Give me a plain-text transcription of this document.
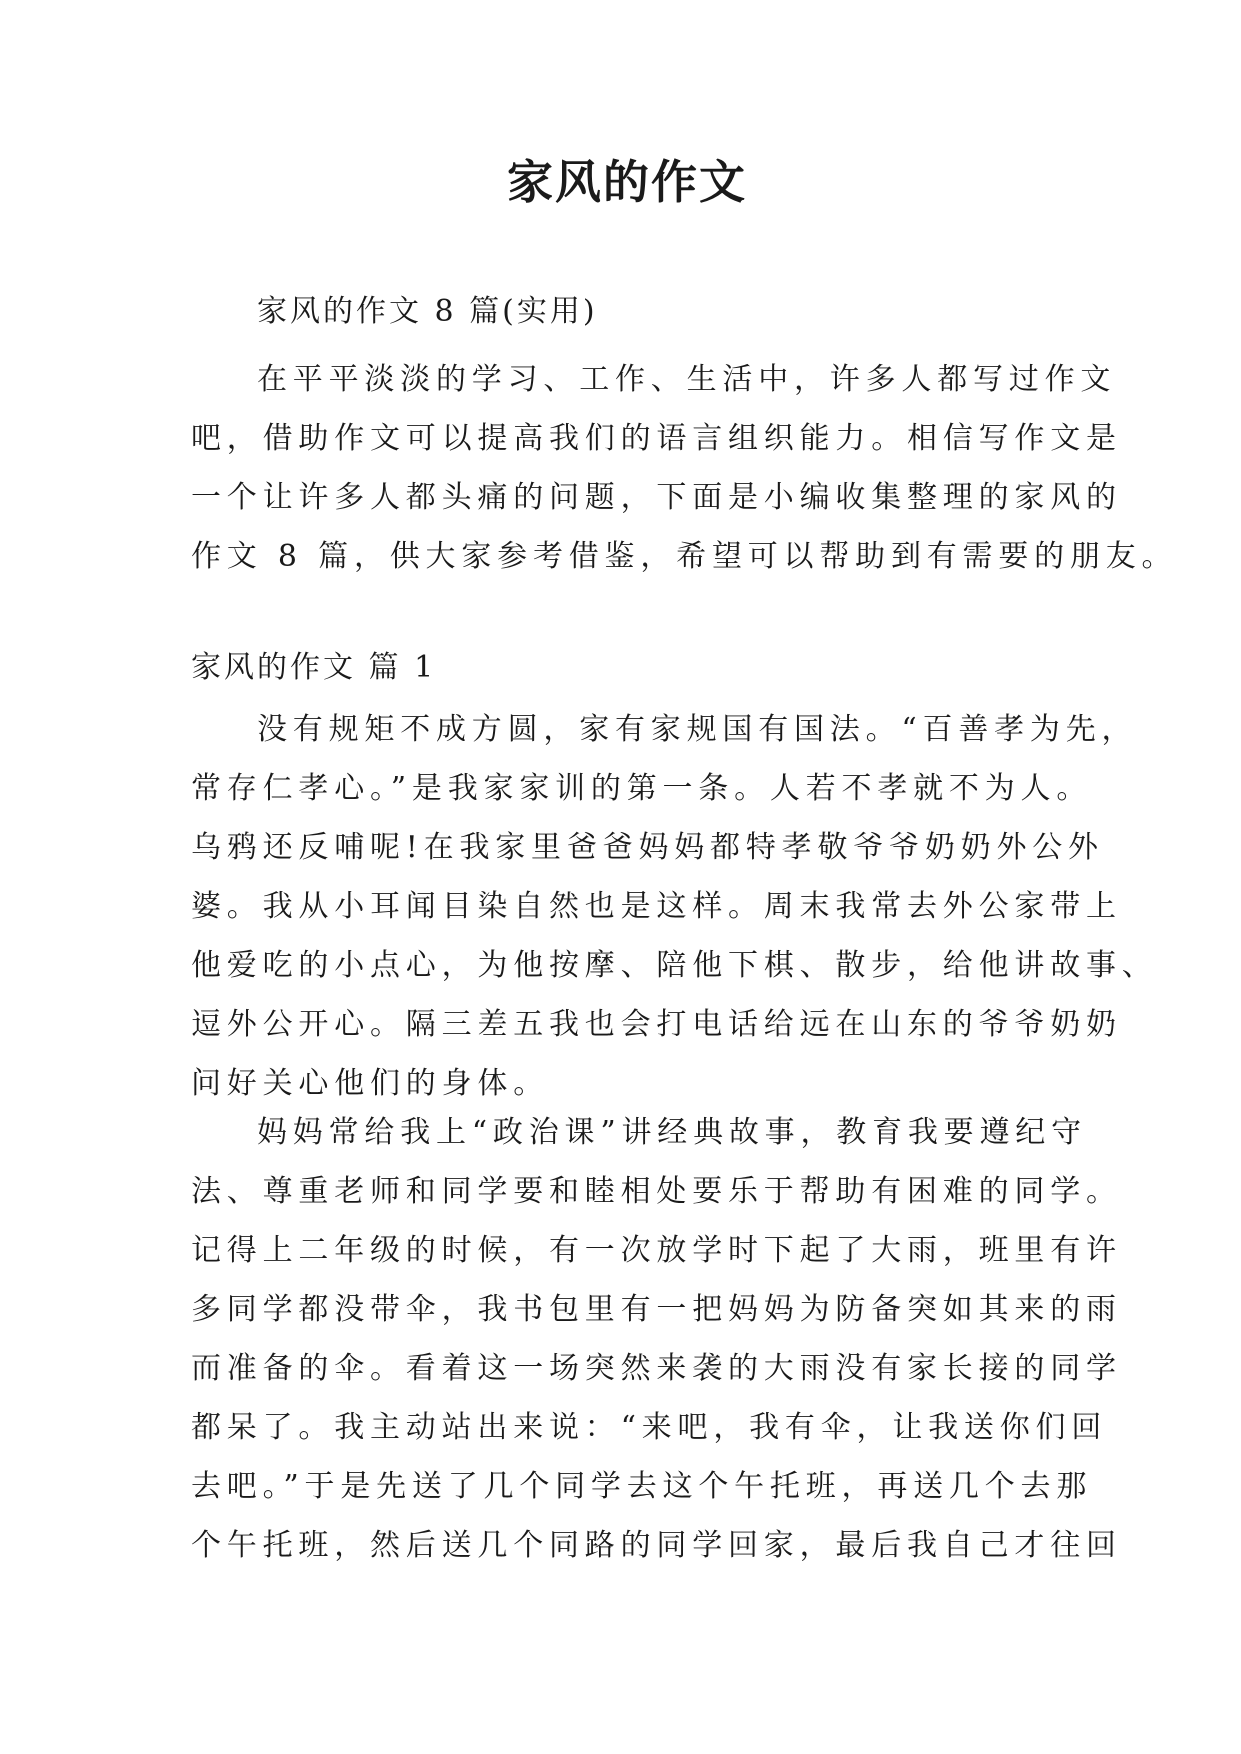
家风的作文

家风的作文 8 篇(实用)

在平平淡淡的学习、工作、生活中，许多人都写过作文
吧，借助作文可以提高我们的语言组织能力。相信写作文是
一个让许多人都头痛的问题，下面是小编收集整理的家风的
作文 8 篇，供大家参考借鉴，希望可以帮助到有需要的朋友。
家风的作文 篇 1
没有规矩不成方圆，家有家规国有国法。“百善孝为先，
常存仁孝心。”是我家家训的第一条。人若不孝就不为人。
乌鸦还反哺呢!在我家里爸爸妈妈都特孝敬爷爷奶奶外公外
婆。我从小耳闻目染自然也是这样。周末我常去外公家带上
他爱吃的小点心，为他按摩、陪他下棋、散步，给他讲故事、
逗外公开心。隔三差五我也会打电话给远在山东的爷爷奶奶
问好关心他们的身体。
妈妈常给我上“政治课”讲经典故事，教育我要遵纪守
法、尊重老师和同学要和睦相处要乐于帮助有困难的同学。
记得上二年级的时候，有一次放学时下起了大雨，班里有许
多同学都没带伞，我书包里有一把妈妈为防备突如其来的雨
而准备的伞。看着这一场突然来袭的大雨没有家长接的同学
都呆了。我主动站出来说：“来吧，我有伞，让我送你们回
去吧。”于是先送了几个同学去这个午托班，再送几个去那
个午托班，然后送几个同路的同学回家，最后我自己才往回
